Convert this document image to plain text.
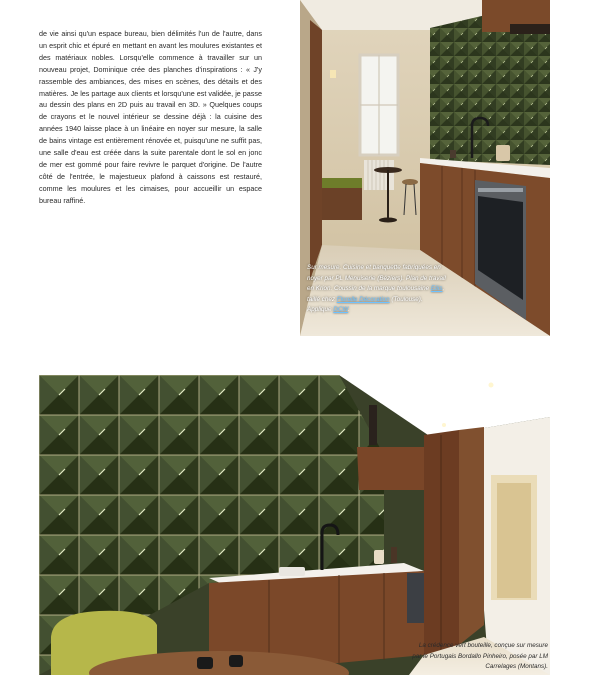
de vie ainsi qu'un espace bureau, bien délimités l'un de l'autre, dans un esprit chic et épuré en mettant en avant les moulures existantes et des matériaux nobles. Lorsqu'elle commence à travailler sur un nouveau projet, Dominique crée des planches d'inspirations : « J'y rassemble des ambiances, des mises en scènes, des détails et des matières. Je les partage aux clients et lorsqu'une est validée, je passe au dessin des plans en 2D puis au travail en 3D. » Quelques coups de crayons et le nouvel intérieur se dessine déjà : la cuisine des années 1940 laisse place à un linéaire en noyer sur mesure, la salle de bains vintage est entièrement rénovée et, puisqu'une ne suffit pas, une salle d'eau est créée dans la suite parentale dont le sol en jonc de mer est gommé pour faire revivre le parquet d'origine. De l'autre côté de l'entrée, le majestueux plafond à caissons est restauré, comme les moulures et les cimaises, pour accueillir un espace bureau raffiné.

Sur mesure. Cuisine et banquette fabriquées en noyer par PL Menuiserie (Béziers). Plan de travail en Krion. Coussin de la marque toulousaine Eliis, taillé chez Florelle Décoration (Toulouse). Applique DCW.
La crédence vert bouteille, conçue sur mesure par le Portugais Bordallo Pinheiro, posée par LM Carrelages (Montans).
